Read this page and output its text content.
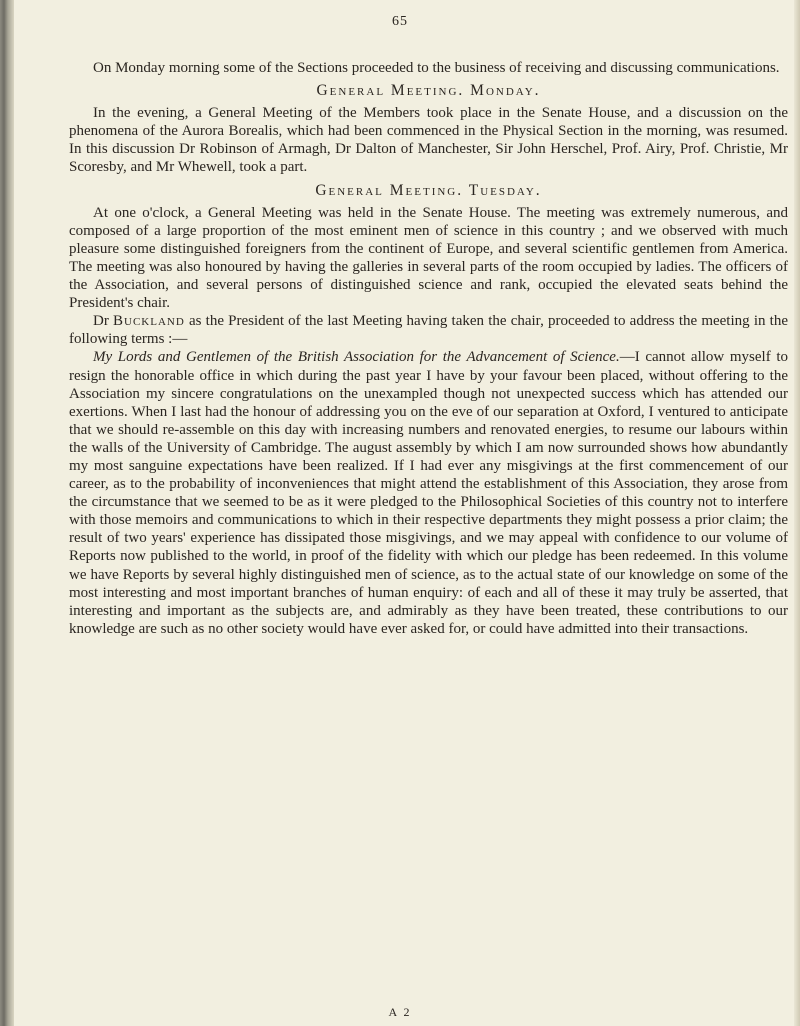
65

On Monday morning some of the Sections proceeded to the business of receiving and discussing communications.

General Meeting. Monday.

In the evening, a General Meeting of the Members took place in the Senate House, and a discussion on the phenomena of the Aurora Borealis, which had been commenced in the Physical Section in the morning, was resumed. In this discussion Dr Robinson of Armagh, Dr Dalton of Manchester, Sir John Herschel, Prof. Airy, Prof. Christie, Mr Scoresby, and Mr Whewell, took a part.

General Meeting. Tuesday.

At one o'clock, a General Meeting was held in the Senate House. The meeting was extremely numerous, and composed of a large proportion of the most eminent men of science in this country ; and we observed with much pleasure some distinguished foreigners from the continent of Europe, and several scientific gentlemen from America. The meeting was also honoured by having the galleries in several parts of the room occupied by ladies. The officers of the Association, and several persons of distinguished science and rank, occupied the elevated seats behind the President's chair.

Dr Buckland as the President of the last Meeting having taken the chair, proceeded to address the meeting in the following terms :—

My Lords and Gentlemen of the British Association for the Advancement of Science.—I cannot allow myself to resign the honorable office in which during the past year I have by your favour been placed, without offering to the Association my sincere congratulations on the unexampled though not unexpected success which has attended our exertions. When I last had the honour of addressing you on the eve of our separation at Oxford, I ventured to anticipate that we should re-assemble on this day with increasing numbers and renovated energies, to resume our labours within the walls of the University of Cambridge. The august assembly by which I am now surrounded shows how abundantly my most sanguine expectations have been realized. If I had ever any misgivings at the first commencement of our career, as to the probability of inconveniences that might attend the establishment of this Association, they arose from the circumstance that we seemed to be as it were pledged to the Philosophical Societies of this country not to interfere with those memoirs and communications to which in their respective departments they might possess a prior claim; the result of two years' experience has dissipated those misgivings, and we may appeal with confidence to our volume of Reports now published to the world, in proof of the fidelity with which our pledge has been redeemed. In this volume we have Reports by several highly distinguished men of science, as to the actual state of our knowledge on some of the most interesting and most important branches of human enquiry: of each and all of these it may truly be asserted, that interesting and important as the subjects are, and admirably as they have been treated, these contributions to our knowledge are such as no other society would have ever asked for, or could have admitted into their transactions.

A 2
